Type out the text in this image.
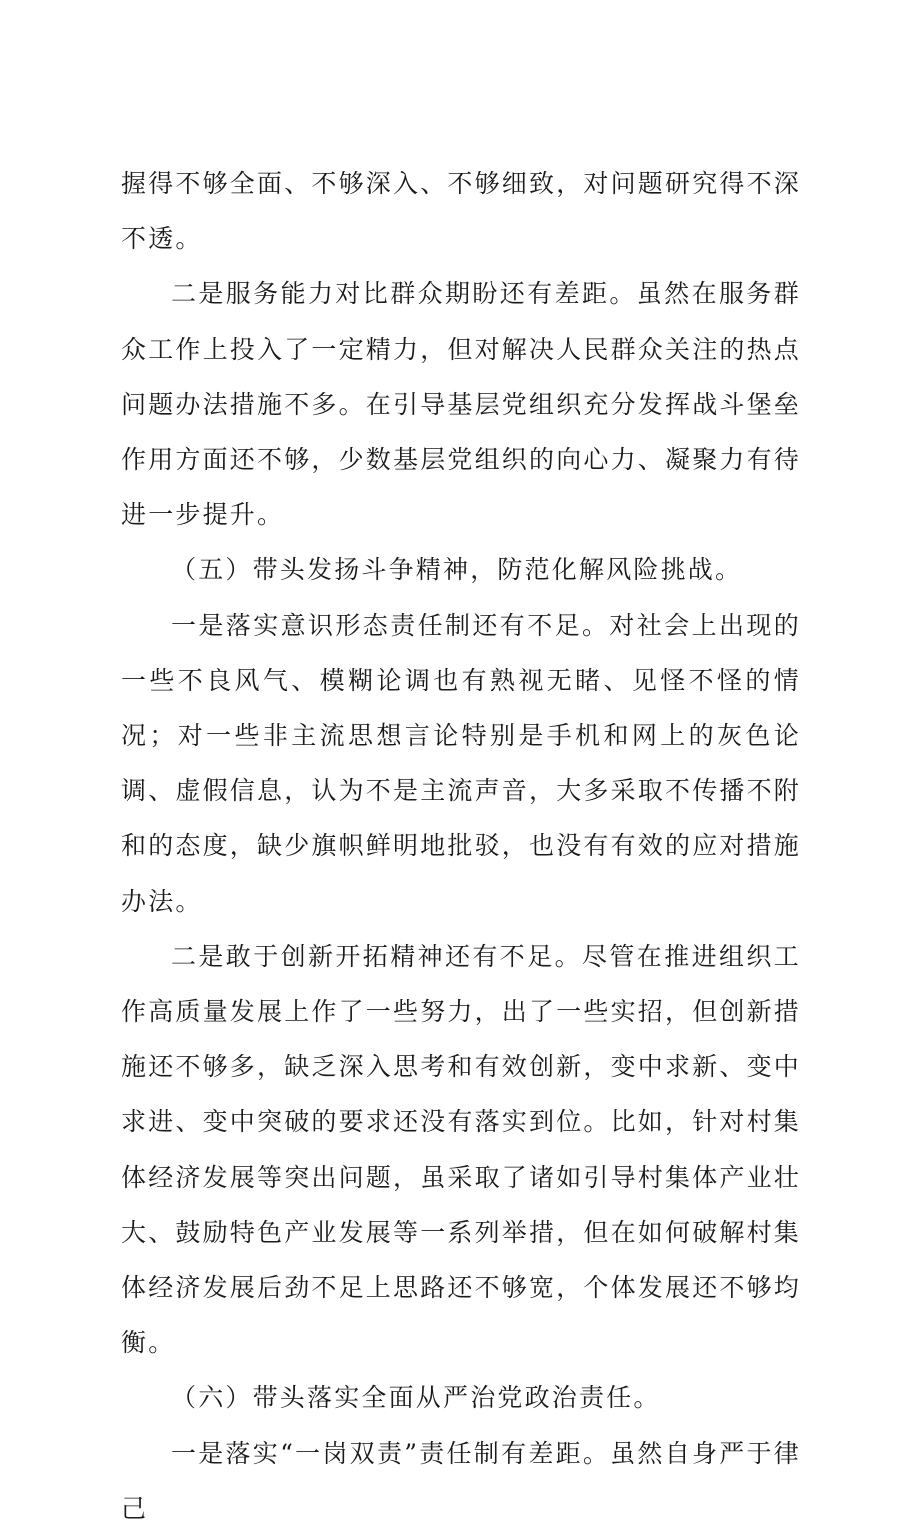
握得不够全面、不够深入、不够细致，对问题研究得不深不透。

二是服务能力对比群众期盼还有差距。虽然在服务群众工作上投入了一定精力，但对解决人民群众关注的热点问题办法措施不多。在引导基层党组织充分发挥战斗堡垒作用方面还不够，少数基层党组织的向心力、凝聚力有待进一步提升。

（五）带头发扬斗争精神，防范化解风险挑战。

一是落实意识形态责任制还有不足。对社会上出现的一些不良风气、模糊论调也有熟视无睹、见怪不怪的情况；对一些非主流思想言论特别是手机和网上的灰色论调、虚假信息，认为不是主流声音，大多采取不传播不附和的态度，缺少旗帜鲜明地批驳，也没有有效的应对措施办法。

二是敢于创新开拓精神还有不足。尽管在推进组织工作高质量发展上作了一些努力，出了一些实招，但创新措施还不够多，缺乏深入思考和有效创新，变中求新、变中求进、变中突破的要求还没有落实到位。比如，针对村集体经济发展等突出问题，虽采取了诸如引导村集体产业壮大、鼓励特色产业发展等一系列举措，但在如何破解村集体经济发展后劲不足上思路还不够宽，个体发展还不够均衡。

（六）带头落实全面从严治党政治责任。

一是落实“一岗双责”责任制有差距。虽然自身严于律己
